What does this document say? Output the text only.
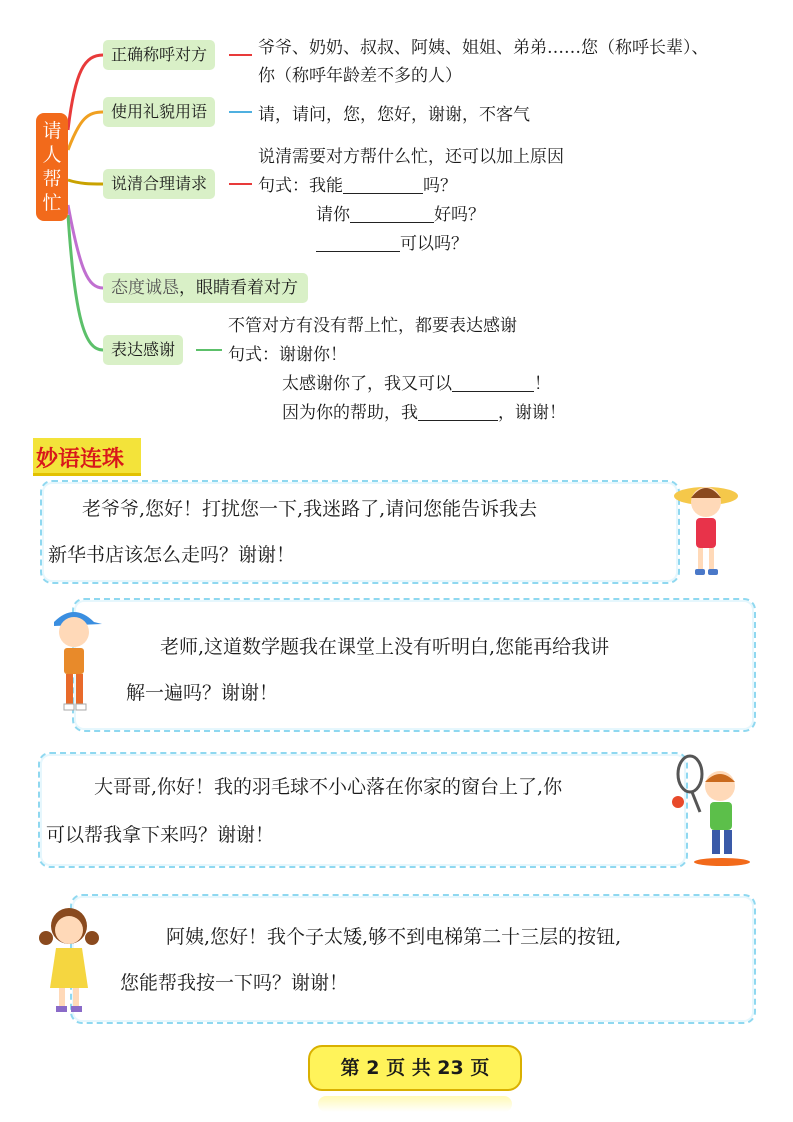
请人帮忙
正确称呼对方	爷爷、奶奶、叔叔、阿姨、姐姐、弟弟……您（称呼长辈）、
你（称呼年龄差不多的人）
使用礼貌用语	请，请问，您，您好，谢谢，不客气
说清合理请求
说清需要对方帮什么忙，还可以加上原因
句式：我能	吗？
请你	好吗？
可以吗？
态度诚恳，眼睛看着对方
表达感谢
不管对方有没有帮上忙，都要表达感谢
句式：谢谢你！
太感谢你了，我又可以	！
因为你的帮助，我	，谢谢！
妙语连珠
老爷爷,您好！打扰您一下,我迷路了,请问您能告诉我去
新华书店该怎么走吗？谢谢！
老师,这道数学题我在课堂上没有听明白,您能再给我讲
解一遍吗？谢谢！
大哥哥,你好！我的羽毛球不小心落在你家的窗台上了,你
可以帮我拿下来吗？谢谢！
阿姨,您好！我个子太矮,够不到电梯第二十三层的按钮,
您能帮我按一下吗？谢谢！
第 2 页 共 23 页
